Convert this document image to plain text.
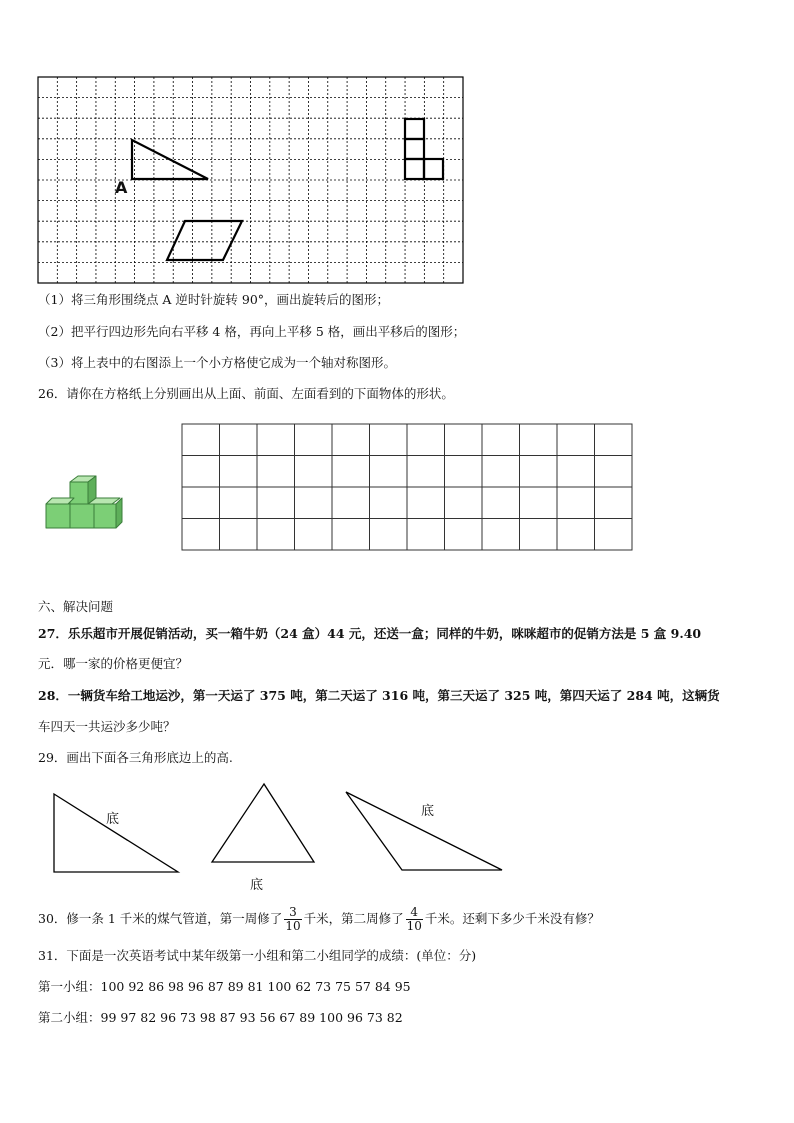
A
（1）将三角形围绕点 A 逆时针旋转 90°，画出旋转后的图形；
（2）把平行四边形先向右平移 4 格，再向上平移 5 格，画出平移后的图形；
（3）将上表中的右图添上一个小方格使它成为一个轴对称图形。
26．请你在方格纸上分别画出从上面、前面、左面看到的下面物体的形状。
六、解决问题
27．乐乐超市开展促销活动，买一箱牛奶（24 盒）44 元，还送一盒；同样的牛奶，咪咪超市的促销方法是 5 盒 9.40
元．哪一家的价格更便宜？
28．一辆货车给工地运沙，第一天运了 375 吨，第二天运了 316 吨，第三天运了 325 吨，第四天运了 284 吨，这辆货
车四天一共运沙多少吨？
29．画出下面各三角形底边上的高.
底
底
底
30．修一条 1 千米的煤气管道，第一周修了 $\frac{3}{10}$ 千米，第二周修了 $\frac{4}{10}$ 千米。还剩下多少千米没有修？
31．下面是一次英语考试中某年级第一小组和第二小组同学的成绩：(单位：分)
第一小组：100 92 86 98 96 87 89 81 100 62 73 75 57 84 95
第二小组：99 97 82 96 73 98 87 93 56 67 89 100 96 73 82
